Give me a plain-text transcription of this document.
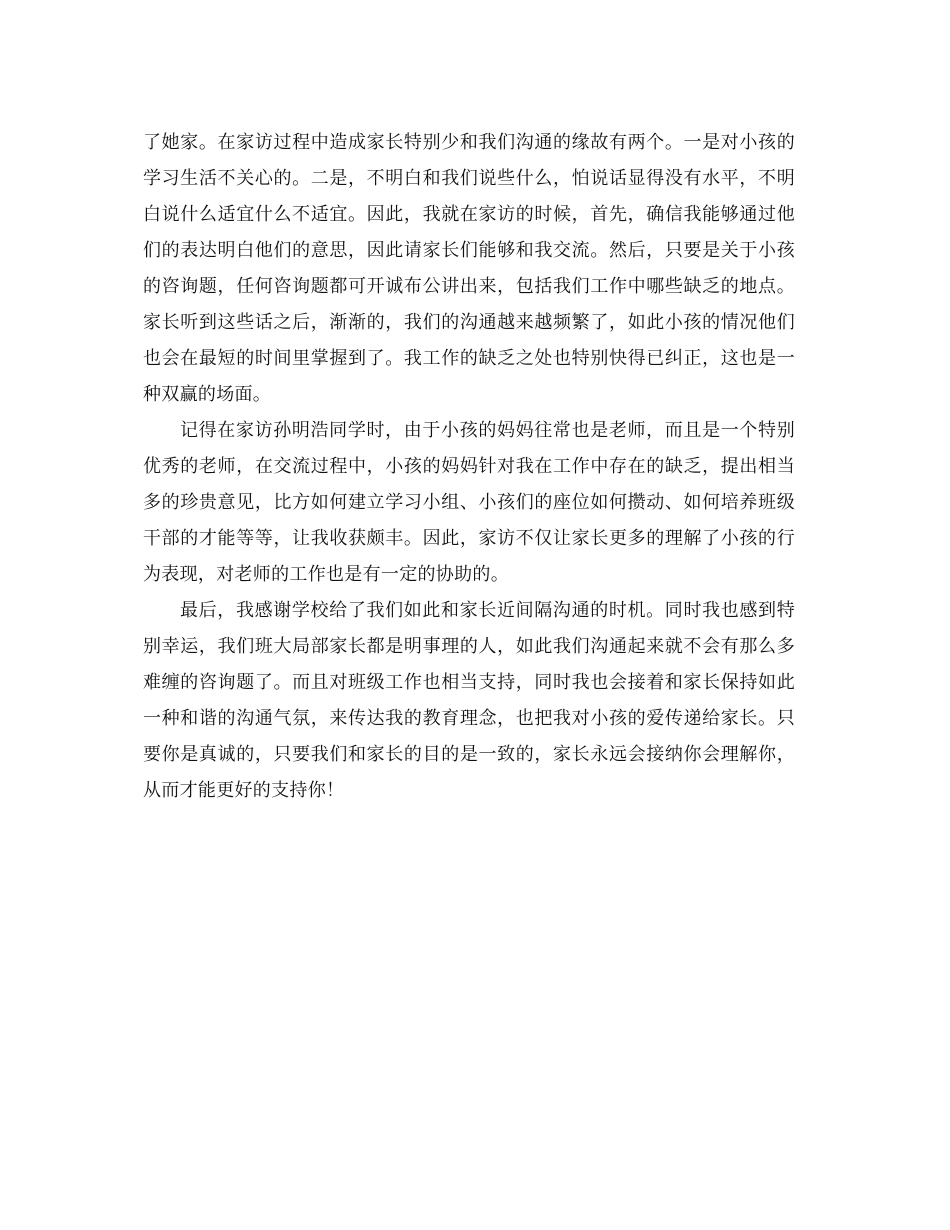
了她家。在家访过程中造成家长特别少和我们沟通的缘故有两个。一是对小孩的学习生活不关心的。二是，不明白和我们说些什么，怕说话显得没有水平，不明白说什么适宜什么不适宜。因此，我就在家访的时候，首先，确信我能够通过他们的表达明白他们的意思，因此请家长们能够和我交流。然后，只要是关于小孩的咨询题，任何咨询题都可开诚布公讲出来，包括我们工作中哪些缺乏的地点。家长听到这些话之后，渐渐的，我们的沟通越来越频繁了，如此小孩的情况他们也会在最短的时间里掌握到了。我工作的缺乏之处也特别快得已纠正，这也是一种双赢的场面。

记得在家访孙明浩同学时，由于小孩的妈妈往常也是老师，而且是一个特别优秀的老师，在交流过程中，小孩的妈妈针对我在工作中存在的缺乏，提出相当多的珍贵意见，比方如何建立学习小组、小孩们的座位如何攒动、如何培养班级干部的才能等等，让我收获颇丰。因此，家访不仅让家长更多的理解了小孩的行为表现，对老师的工作也是有一定的协助的。

最后，我感谢学校给了我们如此和家长近间隔沟通的时机。同时我也感到特别幸运，我们班大局部家长都是明事理的人，如此我们沟通起来就不会有那么多难缠的咨询题了。而且对班级工作也相当支持，同时我也会接着和家长保持如此一种和谐的沟通气氛，来传达我的教育理念，也把我对小孩的爱传递给家长。只要你是真诚的，只要我们和家长的目的是一致的，家长永远会接纳你会理解你，从而才能更好的支持你！
